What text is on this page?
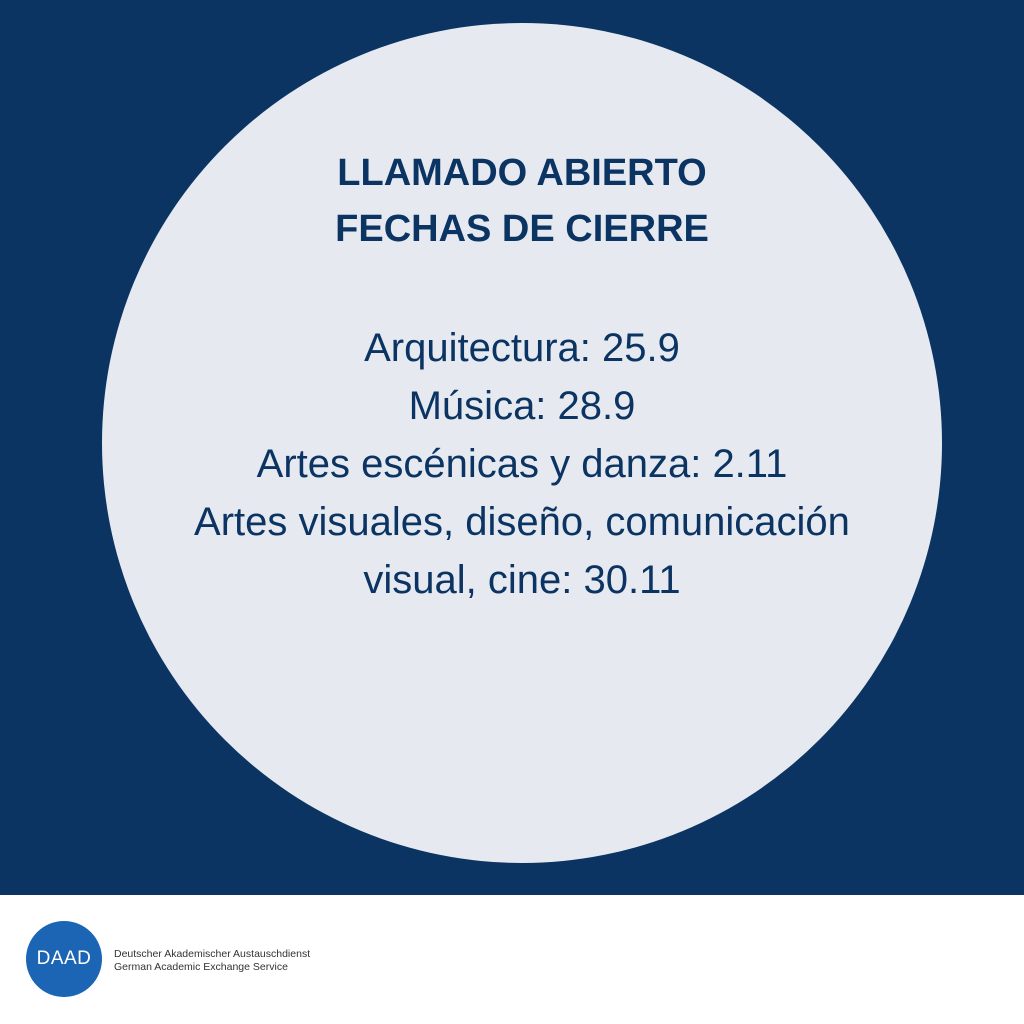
LLAMADO ABIERTO
FECHAS DE CIERRE
Arquitectura: 25.9
Música: 28.9
Artes escénicas y danza: 2.11
Artes visuales, diseño, comunicación
visual, cine: 30.11
DAAD	Deutscher Akademischer Austauschdienst
German Academic Exchange Service
